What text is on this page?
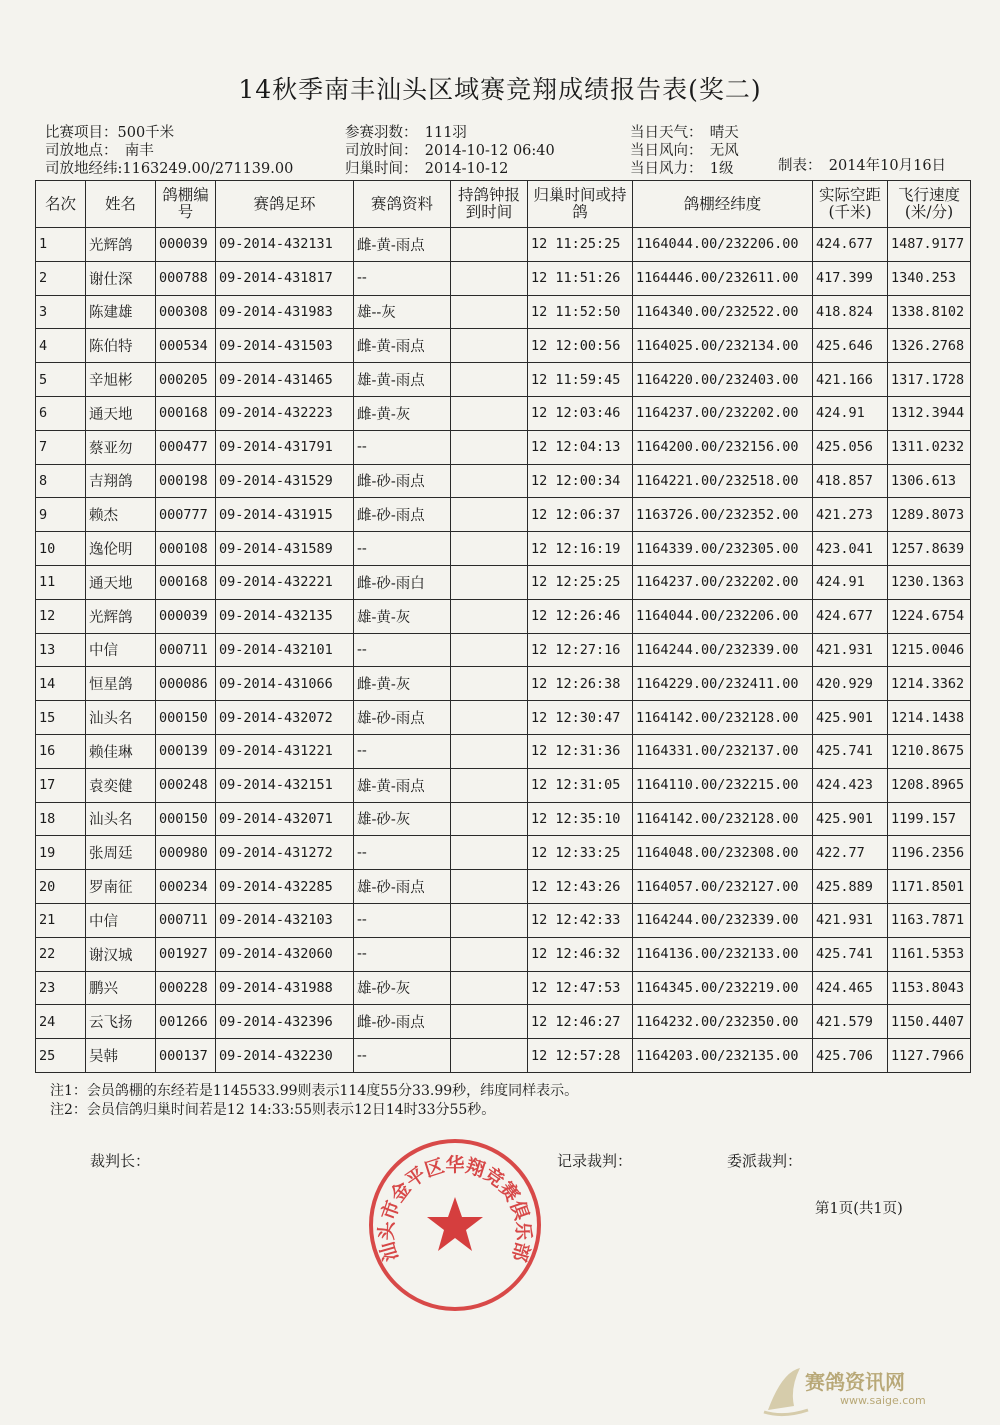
14秋季南丰汕头区域赛竞翔成绩报告表(奖二)
比赛项目：500千米
司放地点：　南丰
司放地经纬:1163249.00/271139.00
参赛羽数：　111羽
司放时间：　2014-10-12 06:40
归巢时间：　2014-10-12
当日天气：　晴天
当日风向：　无风
当日风力：　1级	制表：　2014年10月16日
名次	姓名	鸽棚编号	赛鸽足环	赛鸽资料	持鸽钟报到时间	归巢时间或持鸽	鸽棚经纬度	实际空距(千米)	飞行速度(米/分)
1	光辉鸽	000039	09-2014-432131	雌-黄-雨点		12 11:25:25	1164044.00/232206.00	424.677	1487.9177
2	谢仕深	000788	09-2014-431817	--		12 11:51:26	1164446.00/232611.00	417.399	1340.253
3	陈建雄	000308	09-2014-431983	雄--灰		12 11:52:50	1164340.00/232522.00	418.824	1338.8102
4	陈伯特	000534	09-2014-431503	雌-黄-雨点		12 12:00:56	1164025.00/232134.00	425.646	1326.2768
5	辛旭彬	000205	09-2014-431465	雄-黄-雨点		12 11:59:45	1164220.00/232403.00	421.166	1317.1728
6	通天地	000168	09-2014-432223	雌-黄-灰		12 12:03:46	1164237.00/232202.00	424.91	1312.3944
7	蔡亚勿	000477	09-2014-431791	--		12 12:04:13	1164200.00/232156.00	425.056	1311.0232
8	吉翔鸽	000198	09-2014-431529	雌-砂-雨点		12 12:00:34	1164221.00/232518.00	418.857	1306.613
9	赖杰	000777	09-2014-431915	雌-砂-雨点		12 12:06:37	1163726.00/232352.00	421.273	1289.8073
10	逸伦明	000108	09-2014-431589	--		12 12:16:19	1164339.00/232305.00	423.041	1257.8639
11	通天地	000168	09-2014-432221	雌-砂-雨白		12 12:25:25	1164237.00/232202.00	424.91	1230.1363
12	光辉鸽	000039	09-2014-432135	雄-黄-灰		12 12:26:46	1164044.00/232206.00	424.677	1224.6754
13	中信	000711	09-2014-432101	--		12 12:27:16	1164244.00/232339.00	421.931	1215.0046
14	恒星鸽	000086	09-2014-431066	雌-黄-灰		12 12:26:38	1164229.00/232411.00	420.929	1214.3362
15	汕头名	000150	09-2014-432072	雄-砂-雨点		12 12:30:47	1164142.00/232128.00	425.901	1214.1438
16	赖佳琳	000139	09-2014-431221	--		12 12:31:36	1164331.00/232137.00	425.741	1210.8675
17	袁奕健	000248	09-2014-432151	雄-黄-雨点		12 12:31:05	1164110.00/232215.00	424.423	1208.8965
18	汕头名	000150	09-2014-432071	雄-砂-灰		12 12:35:10	1164142.00/232128.00	425.901	1199.157
19	张周廷	000980	09-2014-431272	--		12 12:33:25	1164048.00/232308.00	422.77	1196.2356
20	罗南征	000234	09-2014-432285	雄-砂-雨点		12 12:43:26	1164057.00/232127.00	425.889	1171.8501
21	中信	000711	09-2014-432103	--		12 12:42:33	1164244.00/232339.00	421.931	1163.7871
22	谢汉城	001927	09-2014-432060	--		12 12:46:32	1164136.00/232133.00	425.741	1161.5353
23	鹏兴	000228	09-2014-431988	雄-砂-灰		12 12:47:53	1164345.00/232219.00	424.465	1153.8043
24	云飞扬	001266	09-2014-432396	雌-砂-雨点		12 12:46:27	1164232.00/232350.00	421.579	1150.4407
25	吴韩	000137	09-2014-432230	--		12 12:57:28	1164203.00/232135.00	425.706	1127.7966
注1：会员鸽棚的东经若是1145533.99则表示114度55分33.99秒，纬度同样表示。
注2：会员信鸽归巢时间若是12 14:33:55则表示12日14时33分55秒。
裁判长：	记录裁判：	委派裁判：
第1页(共1页)
汕头市金平区华翔竞赛俱乐部
赛鸽资讯网
www.saige.com
